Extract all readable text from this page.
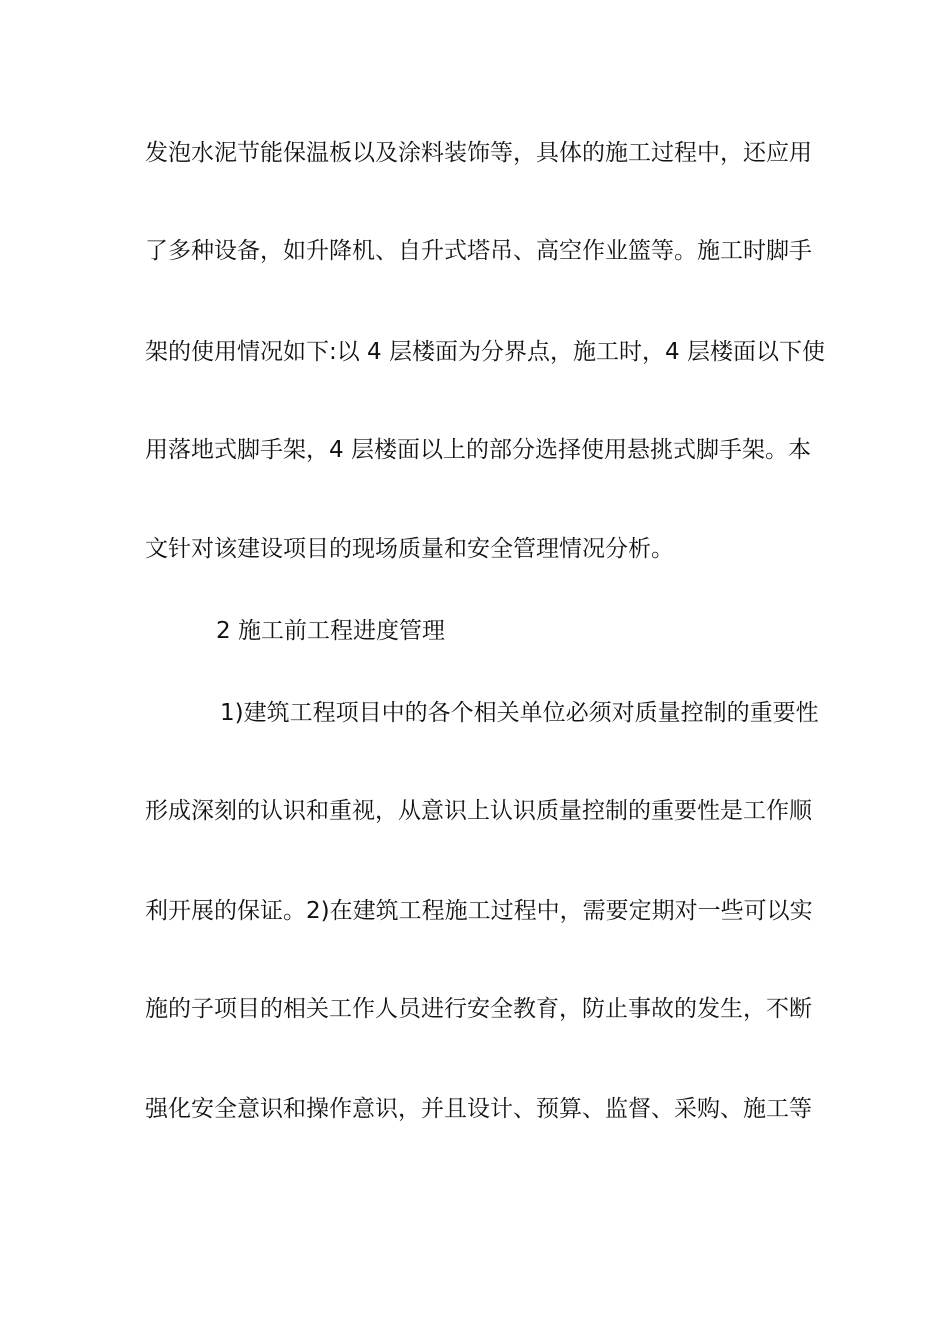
发泡水泥节能保温板以及涂料装饰等，具体的施工过程中，还应用
了多种设备，如升降机、自升式塔吊、高空作业篮等。施工时脚手
架的使用情况如下:以 4 层楼面为分界点，施工时，4 层楼面以下使
用落地式脚手架，4 层楼面以上的部分选择使用悬挑式脚手架。本
文针对该建设项目的现场质量和安全管理情况分析。
2 施工前工程进度管理
1)建筑工程项目中的各个相关单位必须对质量控制的重要性
形成深刻的认识和重视，从意识上认识质量控制的重要性是工作顺
利开展的保证。2)在建筑工程施工过程中，需要定期对一些可以实
施的子项目的相关工作人员进行安全教育，防止事故的发生，不断
强化安全意识和操作意识，并且设计、预算、监督、采购、施工等
